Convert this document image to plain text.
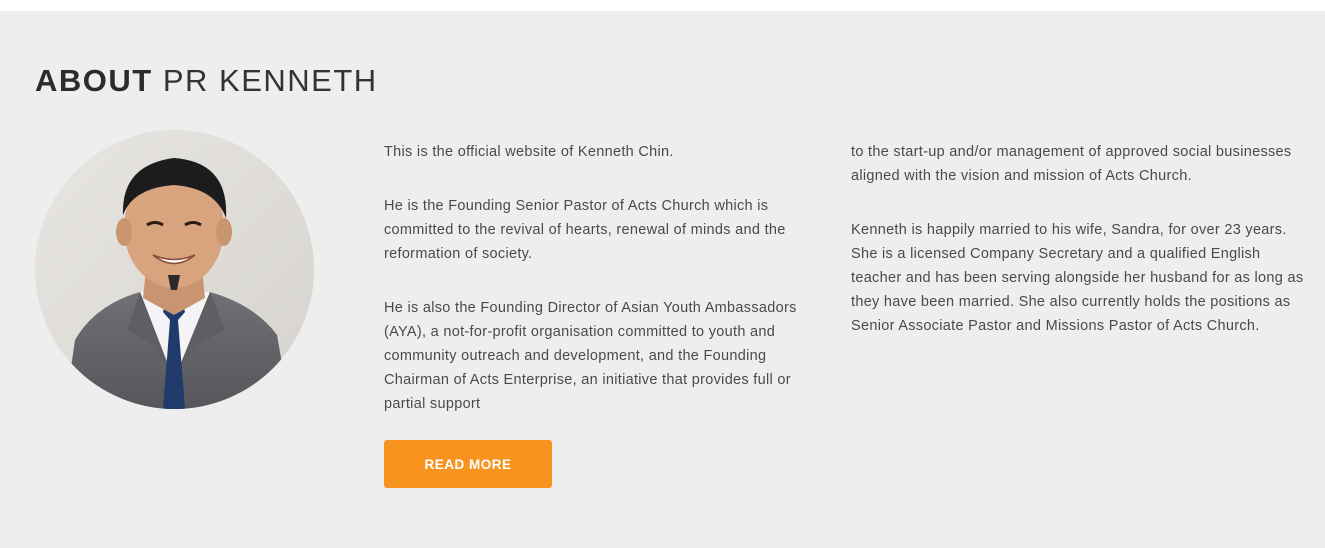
ABOUT PR KENNETH

This is the official website of Kenneth Chin.

He is the Founding Senior Pastor of Acts Church which is committed to the revival of hearts, renewal of minds and the reformation of society.

He is also the Founding Director of Asian Youth Ambassadors (AYA), a not-for-profit organisation committed to youth and community outreach and development, and the Founding Chairman of Acts Enterprise, an initiative that provides full or partial support

to the start-up and/or management of approved social businesses aligned with the vision and mission of Acts Church.

Kenneth is happily married to his wife, Sandra, for over 23 years. She is a licensed Company Secretary and a qualified English teacher and has been serving alongside her husband for as long as they have been married. She also currently holds the positions as Senior Associate Pastor and Missions Pastor of Acts Church.

READ MORE
